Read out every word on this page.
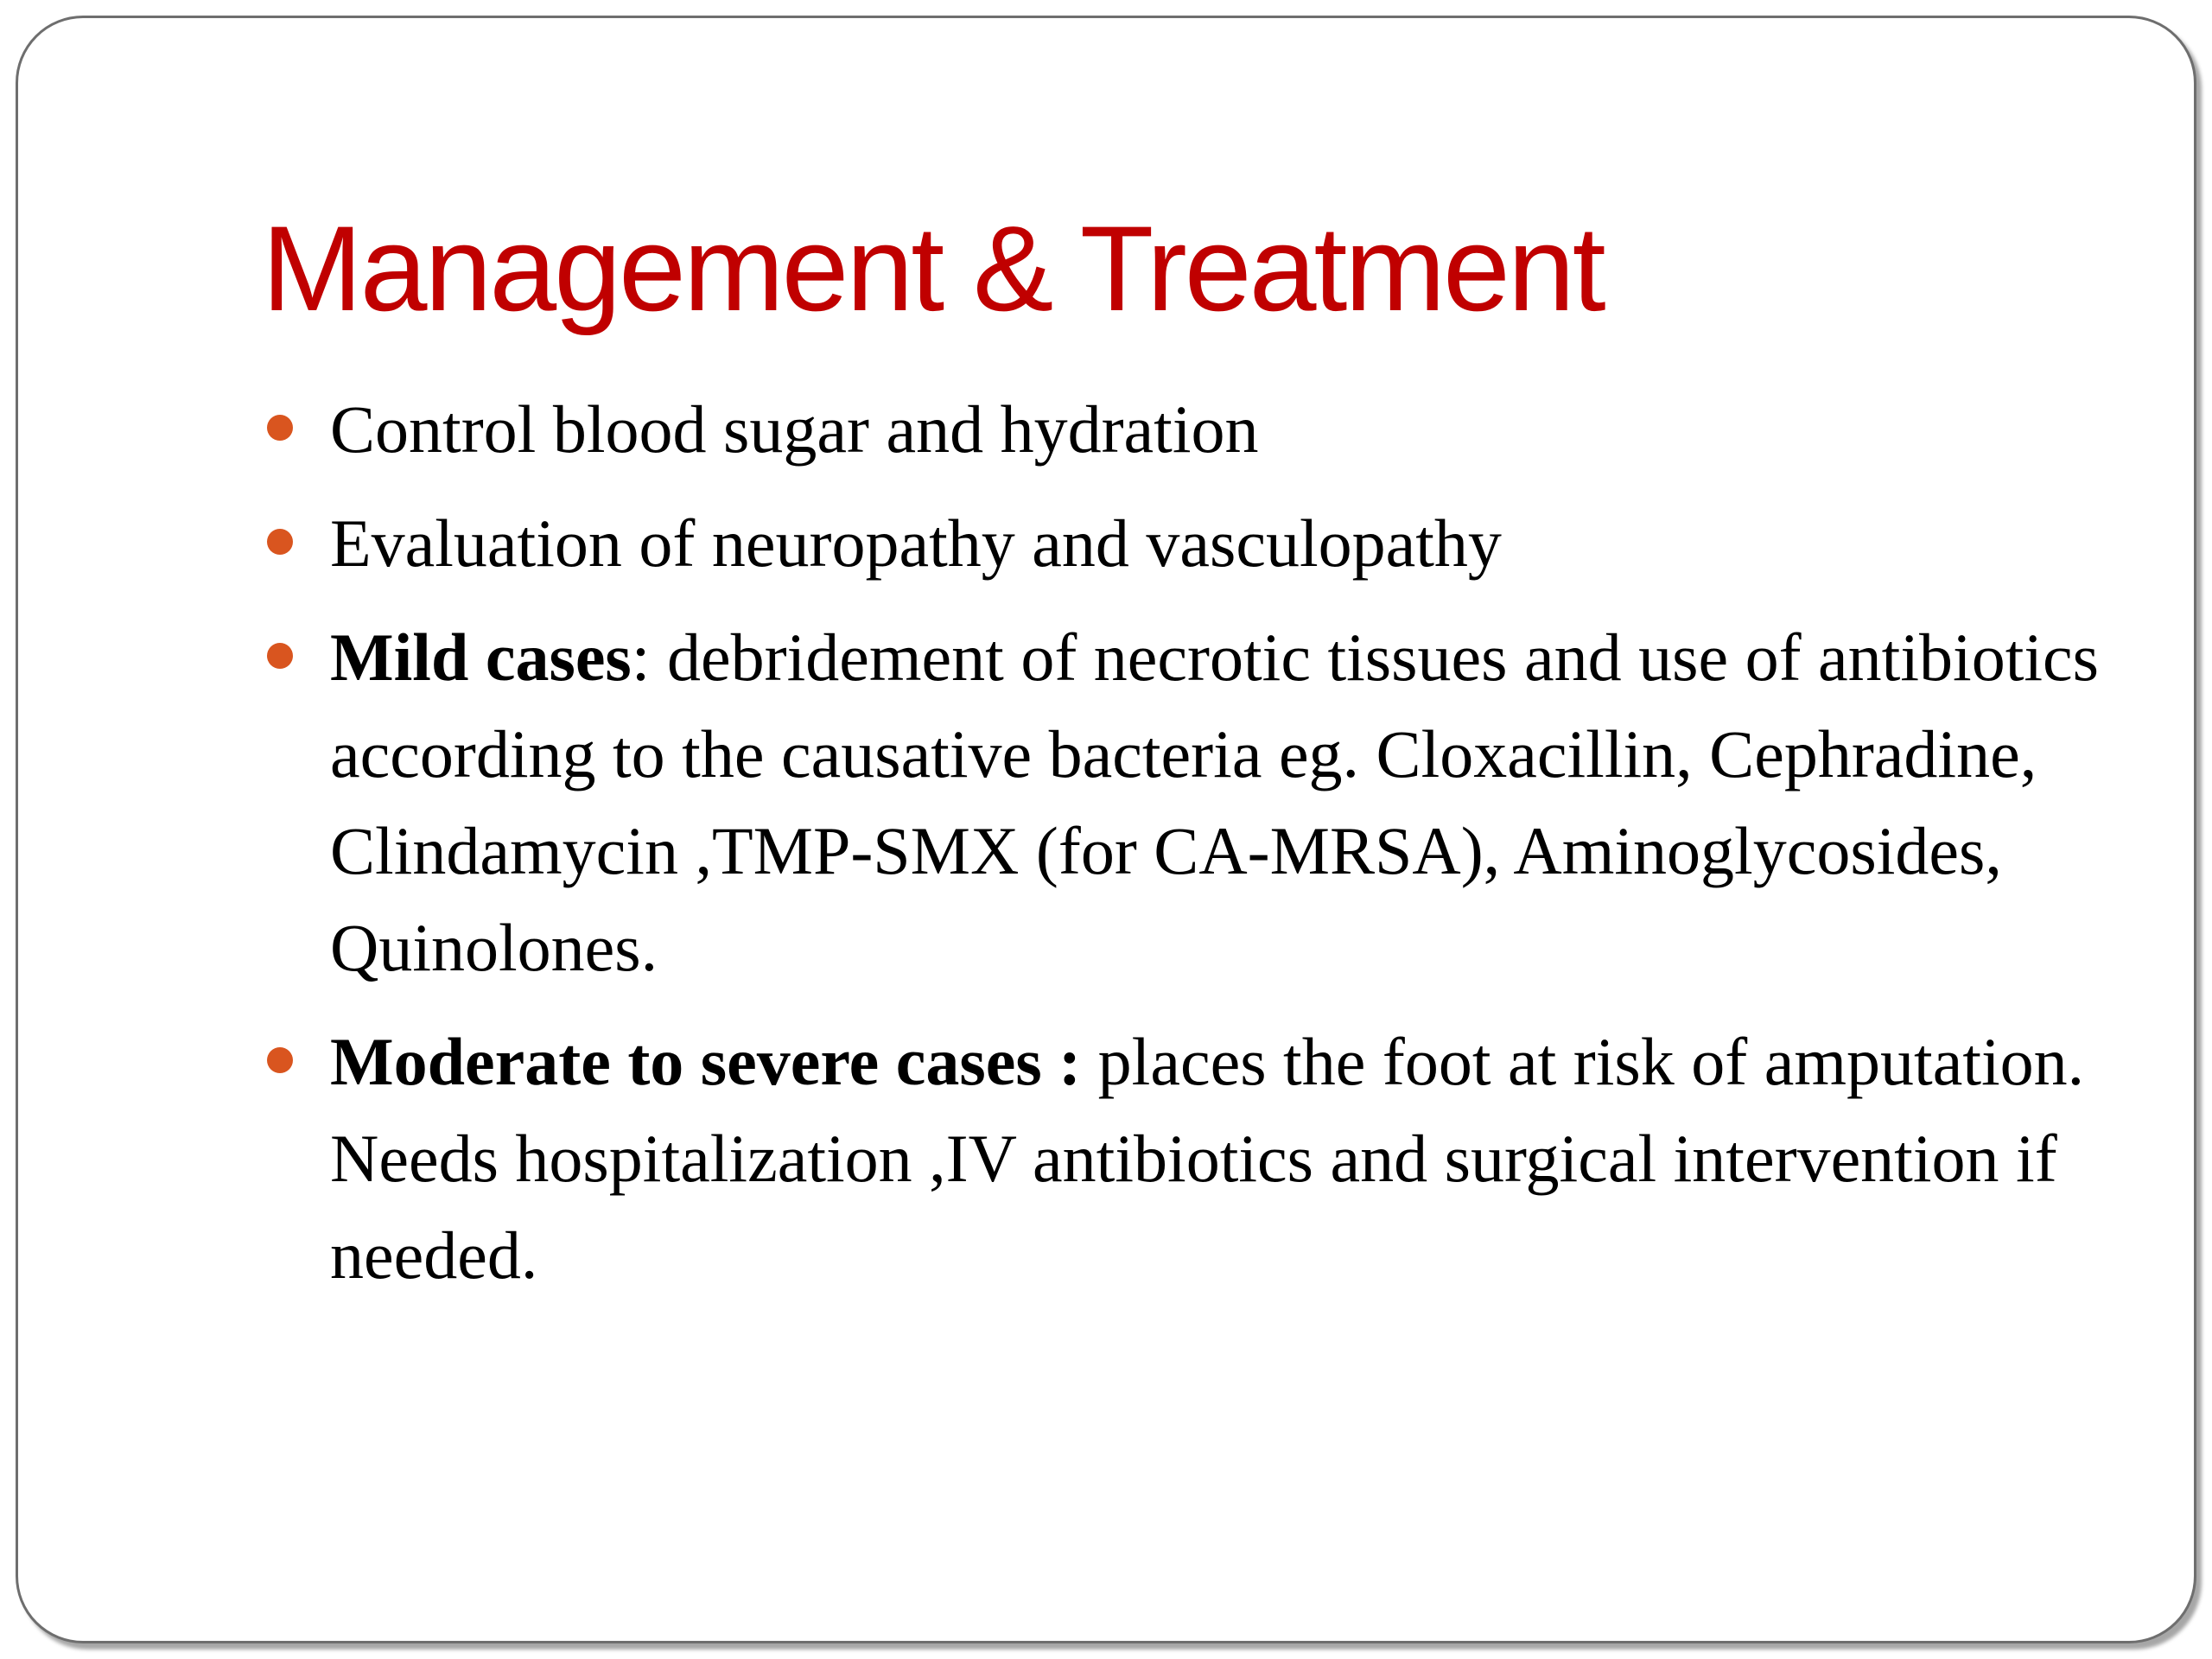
Management & Treatment
Control blood sugar and hydration
Evaluation of neuropathy and vasculopathy
Mild cases: debridement of necrotic tissues and use of antibiotics according to the causative bacteria eg. Cloxacillin, Cephradine, Clindamycin ,TMP-SMX (for CA-MRSA), Aminoglycosides, Quinolones.
Moderate to severe cases : places the foot at risk of amputation. Needs hospitalization ,IV antibiotics and surgical intervention if needed.
